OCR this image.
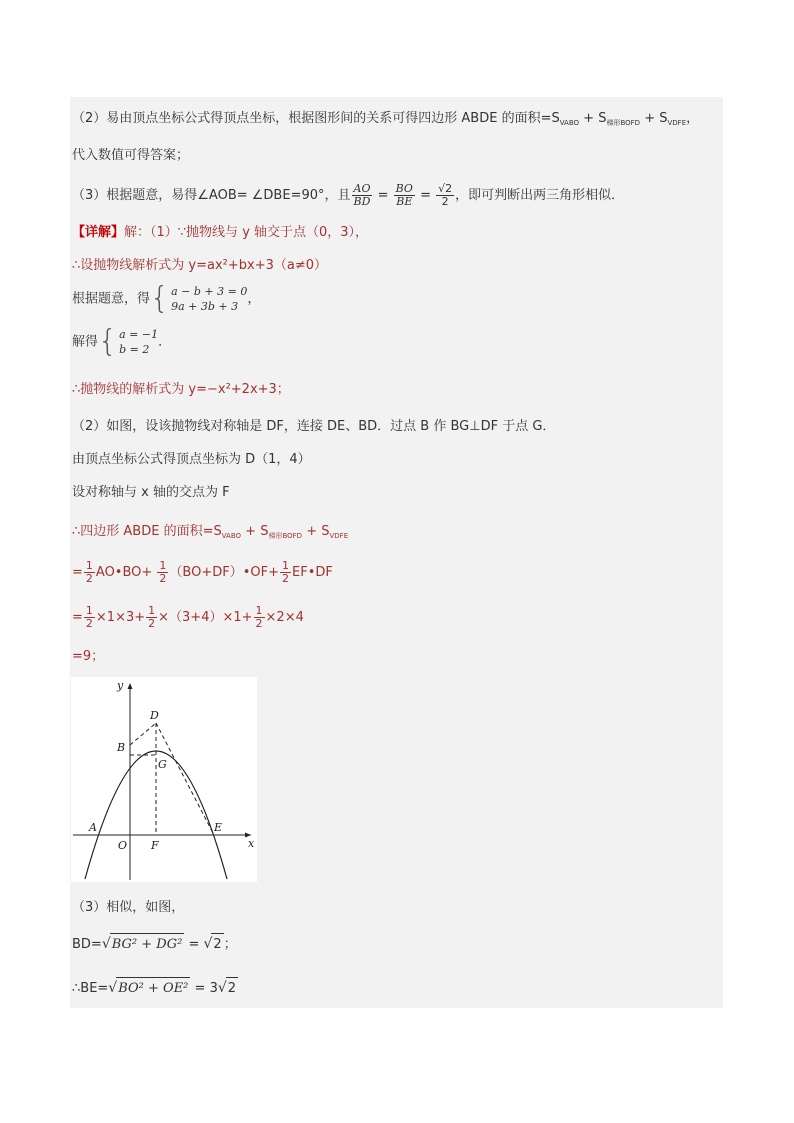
（2）易由顶点坐标公式得顶点坐标，根据图形间的关系可得四边形 ABDE 的面积$=S_{VABO} + S_{梯形BOFD} + S_{VDFE}$，
代入数值可得答案；
（3）根据题意，易得∠AOB= ∠DBE=90°，且 $\frac{AO}{BD} = \frac{BO}{BE} = \frac{√2}{2}$ ，即可判断出两三角形相似．
【详解】解：（1）∵抛物线与 y 轴交于点（0，3），
∴设抛物线解析式为 y=ax²+bx+3（a≠0）
根据题意，得 { a − b + 3 = 0
9a + 3b + 3 ，
解得 { a = −1
b = 2 ．
∴抛物线的解析式为 y=−x²+2x+3；
（2）如图，设该抛物线对称轴是 DF，连接 DE、BD．过点 B 作 BG⊥DF 于点 G．
由顶点坐标公式得顶点坐标为 D（1，4）
设对称轴与 x 轴的交点为 F
∴四边形 ABDE 的面积$=S_{VABO} + S_{梯形BOFD} + S_{VDFE}$
= $\frac{1}{2}$ AO•BO+ $\frac{1}{2}$ （BO+DF）•OF+ $\frac{1}{2}$ EF•DF
= $\frac{1}{2} \times 1\times 3+ \frac{1}{2} \times(3+4)\times 1+ \frac{1}{2} \times 2\times 4$
=9；
y
x
D
B
G
A	E
O F
（3）相似，如图，
BD=√BG² + DG² = √2 ；
∴BE=√BO² + OE² = 3√2
